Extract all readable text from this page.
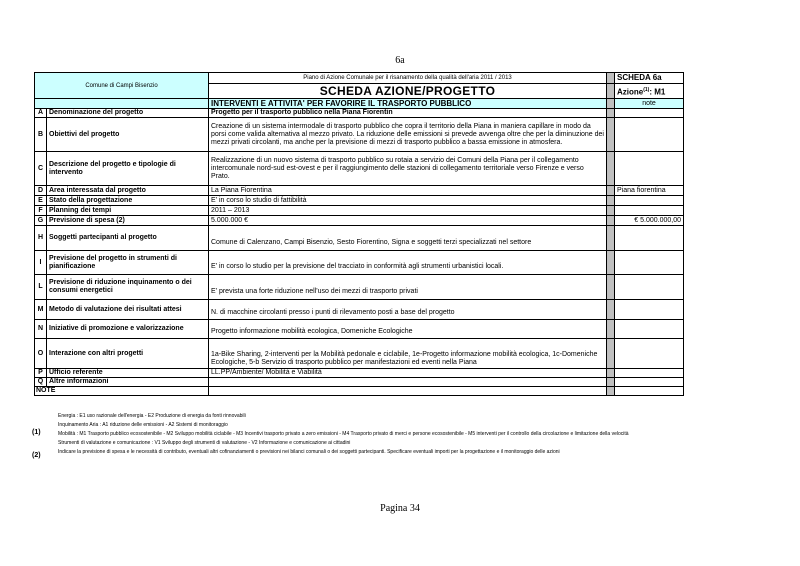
6a
Comune di Campi Bisenzio		Piano di Azione Comunale per il risanamento della qualità dell'aria 2011 / 2013		SCHEDA 6a
		SCHEDA AZIONE/PROGETTO		Azione$^{(1)}$: M1
		INTERVENTI E ATTIVITA' PER FAVORIRE IL TRASPORTO PUBBLICO		note
A	Denominazione del progetto	Progetto per il trasporto pubblico nella Piana Fiorentin		
B	Obiettivi del progetto	Creazione di un sistema intermodale di trasporto pubblico che copra il territorio della Piana in maniera capillare in modo da porsi come valida alternativa al mezzo privato. La riduzione delle emissioni si prevede avvenga oltre che per la diminuzione dei mezzi privati circolanti, ma anche per la previsione di mezzi di trasporto pubblico a bassa emissione in atmosfera.		
C	Descrizione del progetto e tipologie di intervento	Realizzazione di un nuovo sistema di trasporto pubblico su rotaia a servizio dei Comuni della Piana per il collegamento intercomunale nord-sud est-ovest e per il raggiungimento delle stazioni di collegamento territoriale verso Firenze e verso Prato.		
D	Area interessata dal progetto	La Piana Fiorentina		Piana fiorentina
E	Stato della progettazione	E' in corso lo studio di fattibilità		
F	Planning dei tempi	2011 – 2013		
G	Previsione di spesa (2)	5.000.000 €		€ 5.000.000,00
H	Soggetti partecipanti al progetto	Comune di Calenzano, Campi Bisenzio, Sesto Fiorentino, Signa e soggetti terzi specializzati nel settore		
I	Previsione del progetto in strumenti di pianificazione	E' in corso lo studio per la previsione del tracciato in conformità agli strumenti urbanistici locali.		
L	Previsione di riduzione inquinamento o dei consumi energetici	E' prevista una forte riduzione nell'uso dei mezzi di trasporto privati		
M	Metodo di valutazione dei risultati attesi	N. di macchine circolanti presso i punti di rilevamento posti a base del progetto		
N	Iniziative di promozione e valorizzazione	Progetto informazione mobilità ecologica, Domeniche Ecologiche		
O	Interazione con altri progetti	1a-Bike Sharing, 2-interventi per la Mobilità pedonale e ciclabile, 1e-Progetto informazione mobilità ecologica, 1c-Domeniche Ecologiche, 5-b Servizio di trasporto pubblico per manifestazioni ed eventi nella Piana		
P	Ufficio referente	LL.PP/Ambiente/ Mobilità e Viabilità		
Q	Altre informazioni			
NOTE				
(1)
Energia : E1 uso razionale dell'energia - E2 Produzione di energia da fonti rinnovabili
Inquinamento Aria : A1 riduzione delle emissioni - A2 Sistemi di monitoraggio
Mobilità : M1 Trasporto pubblico ecosostenibile - M2 Sviluppo mobilità ciclabile - M3 Incentivi trasporto privato a zero emissioni - M4 Trasporto privato di merci e persone ecosostenibile - M5 interventi per il controllo della circolazione e limitazione della velocità
Strumenti di valutazione e comunicazione : V1 Sviluppo degli strumenti di valutazione - V2 Informazione e comunicazione ai cittadini
(2)	Indicare la previsione di spesa e le necessità di contributo, eventuali altri cofinanziamenti o previsioni nei bilanci comunali o dei soggetti partecipanti. Specificare eventuali importi per la progettazione e il monitoraggio delle azioni
Pagina 34
